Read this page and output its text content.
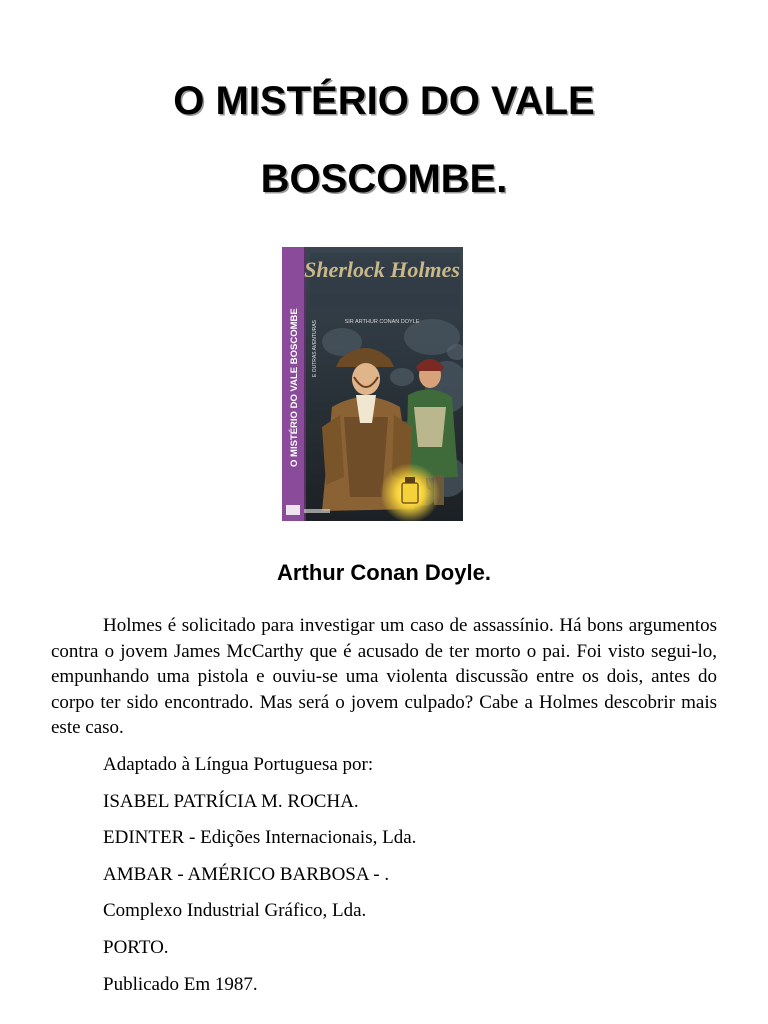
O MISTÉRIO DO VALE
BOSCOMBE.
Sherlock Holmes
SIR ARTHUR CONAN DOYLE
O MISTÉRIO DO VALE BOSCOMBE E OUTRAS AVENTURAS
Arthur Conan Doyle.

Holmes é solicitado para investigar um caso de assassínio. Há bons argumentos contra o jovem James McCarthy que é acusado de ter morto o pai. Foi visto segui-lo, empunhando uma pistola e ouviu-se uma violenta discussão entre os dois, antes do corpo ter sido encontrado. Mas será o jovem culpado? Cabe a Holmes descobrir mais este caso.

Adaptado à Língua Portuguesa por:
ISABEL PATRÍCIA M. ROCHA.
EDINTER - Edições Internacionais, Lda.
AMBAR - AMÉRICO BARBOSA - .
Complexo Industrial Gráfico, Lda.
PORTO.
Publicado Em 1987.
